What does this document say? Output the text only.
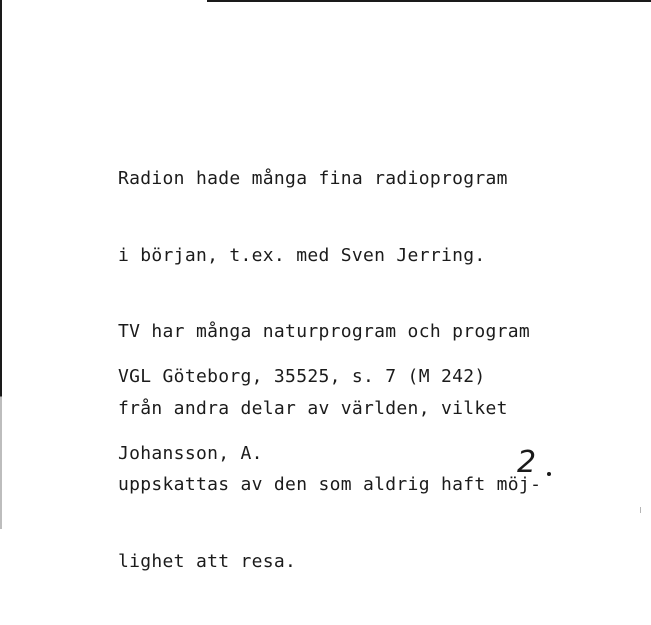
Radion hade många fina radioprogram

i början, t.ex. med Sven Jerring.

TV har många naturprogram och program

från andra delar av världen, vilket

uppskattas av den som aldrig haft möj-

lighet att resa.

VGL Göteborg, 35525, s. 7 (M 242)

Johansson, A.

	2
